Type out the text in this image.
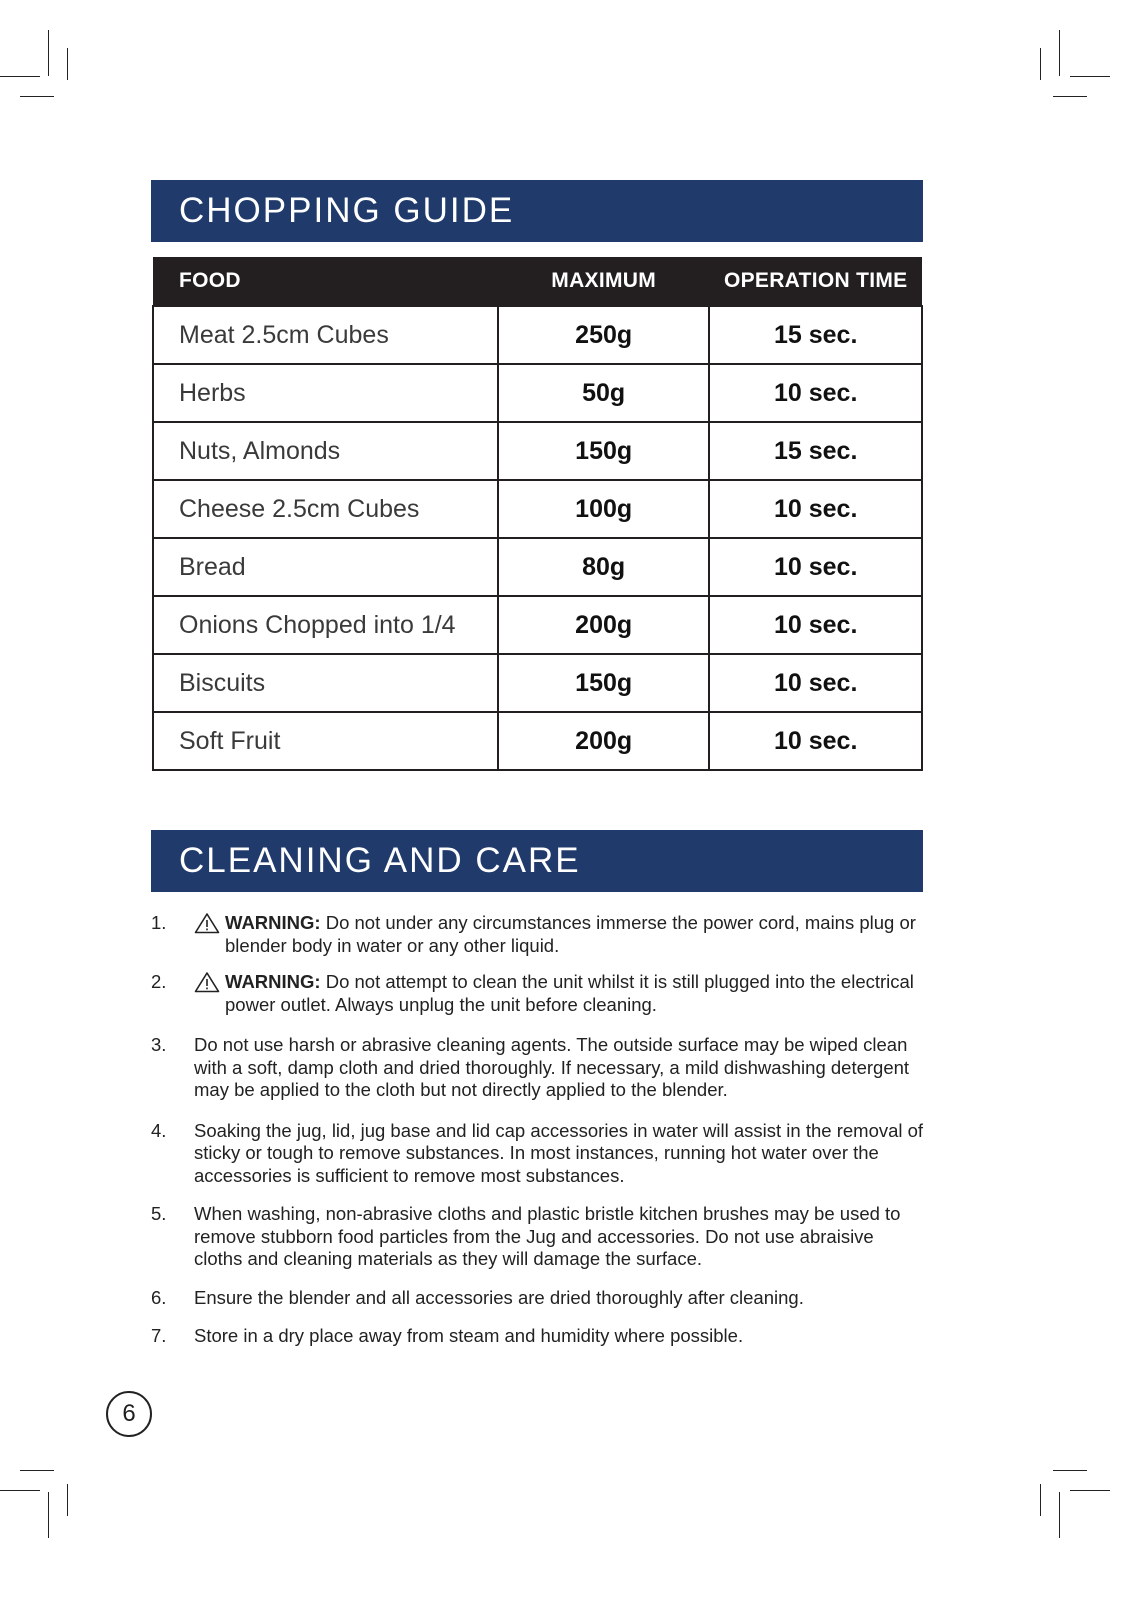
CHOPPING GUIDE
FOOD	MAXIMUM	OPERATION TIME
Meat 2.5cm Cubes	250g	15 sec.
Herbs	50g	10 sec.
Nuts, Almonds	150g	15 sec.
Cheese 2.5cm Cubes	100g	10 sec.
Bread	80g	10 sec.
Onions Chopped into 1/4	200g	10 sec.
Biscuits	150g	10 sec.
Soft Fruit	200g	10 sec.
CLEANING AND CARE
1.	WARNING: Do not under any circumstances immerse the power cord, mains plug or blender body in water or any other liquid.
2.	WARNING: Do not attempt to clean the unit whilst it is still plugged into the electrical power outlet. Always unplug the unit before cleaning.
3. Do not use harsh or abrasive cleaning agents. The outside surface may be wiped clean with a soft, damp cloth and dried thoroughly. If necessary, a mild dishwashing detergent may be applied to the cloth but not directly applied to the blender.
4. Soaking the jug, lid, jug base and lid cap accessories in water will assist in the removal of sticky or tough to remove substances. In most instances, running hot water over the accessories is sufficient to remove most substances.
5. When washing, non-abrasive cloths and plastic bristle kitchen brushes may be used to remove stubborn food particles from the Jug and accessories. Do not use abraisive cloths and cleaning materials as they will damage the surface.
6. Ensure the blender and all accessories are dried thoroughly after cleaning.
7. Store in a dry place away from steam and humidity where possible.
6
